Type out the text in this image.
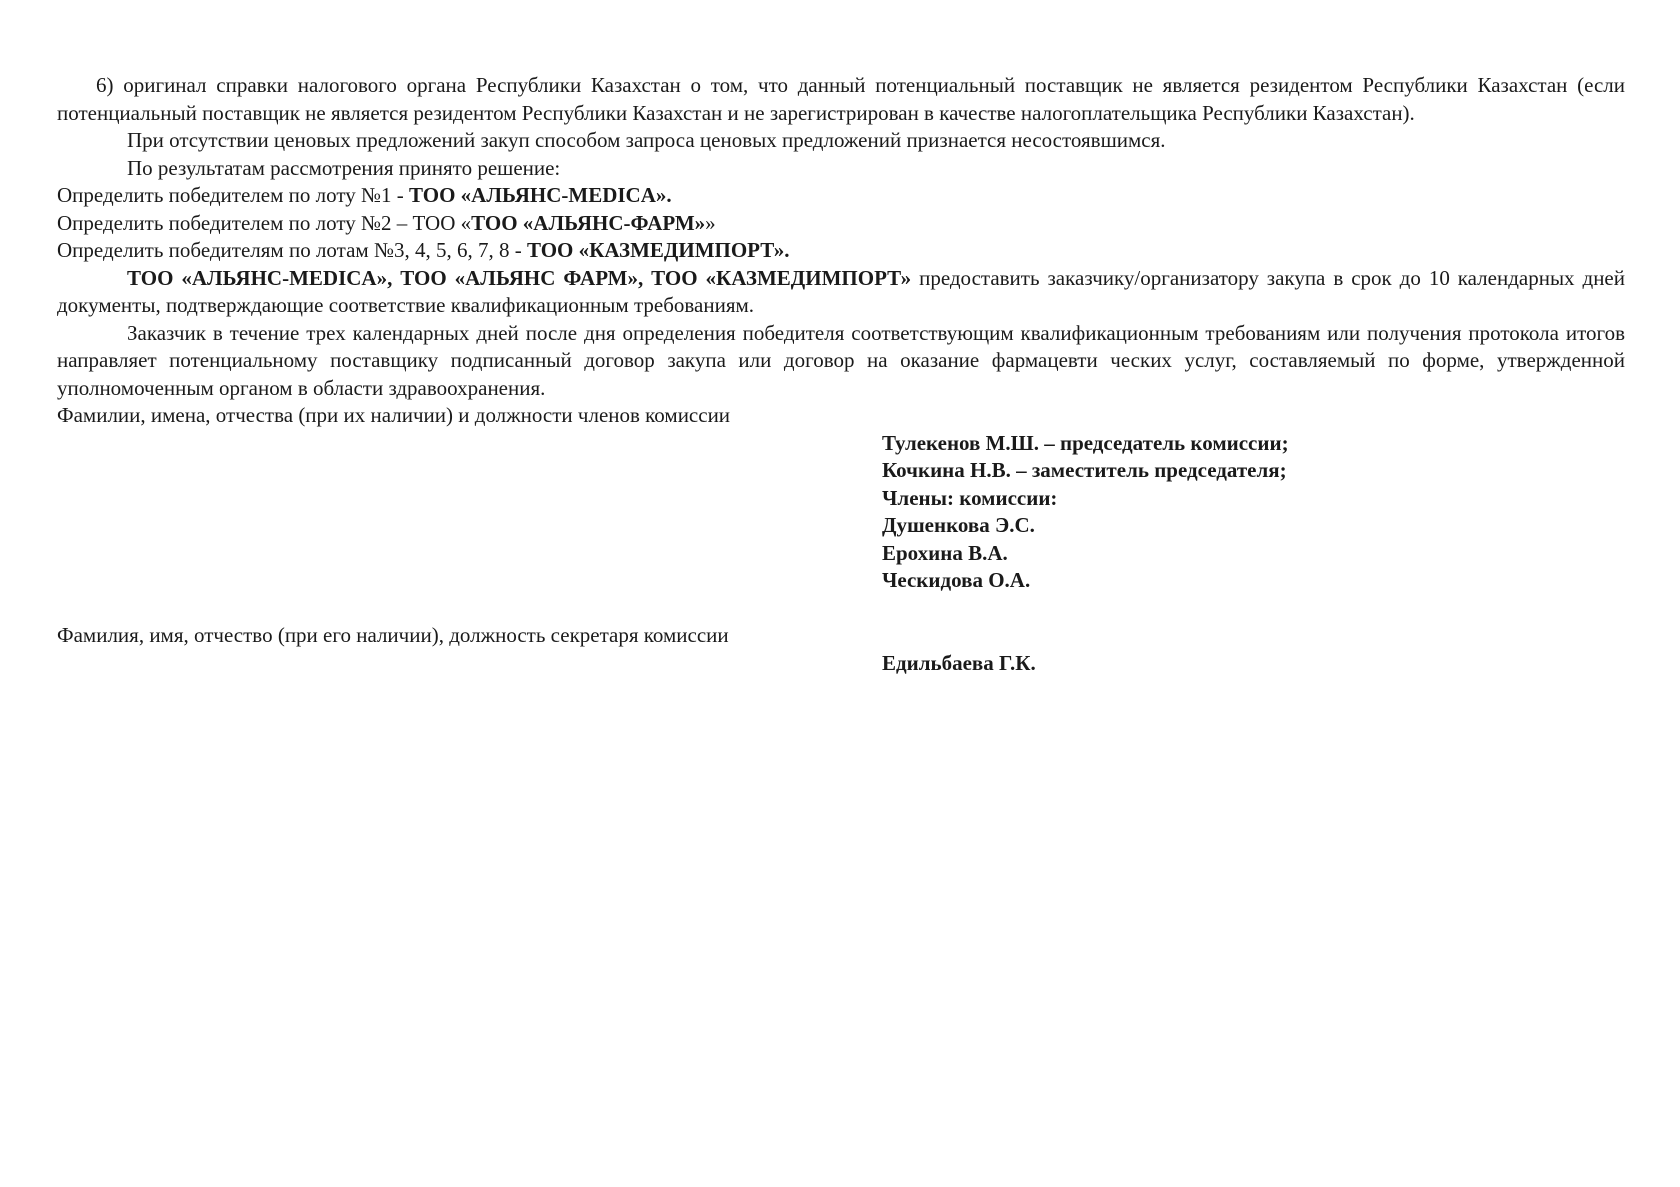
6) оригинал справки налогового органа Республики Казахстан о том, что данный потенциальный поставщик не является резидентом Республики Казахстан (если потенциальный поставщик не является резидентом Республики Казахстан и не зарегистрирован в качестве налогоплательщика Республики Казахстан).

При отсутствии ценовых предложений закуп способом запроса ценовых предложений признается несостоявшимся.

По результатам рассмотрения принято решение:

Определить победителем по лоту №1 - ТОО «АЛЬЯНС-MEDICA».

Определить победителем по лоту №2 – ТОО «ТОО «АЛЬЯНС-ФАРМ»»

Определить победителям по лотам №3, 4, 5, 6, 7, 8 - ТОО «КАЗМЕДИМПОРТ».

ТОО «АЛЬЯНС-MEDICA», ТОО «АЛЬЯНС ФАРМ», ТОО «КАЗМЕДИМПОРТ» предоставить заказчику/организатору закупа в срок до 10 календарных дней документы, подтверждающие соответствие квалификационным требованиям.

Заказчик в течение трех календарных дней после дня определения победителя соответствующим квалификационным требованиям или получения протокола итогов направляет потенциальному поставщику подписанный договор закупа или договор на оказание фармацевти ческих услуг, составляемый по форме, утвержденной уполномоченным органом в области здравоохранения.

Фамилии, имена, отчества (при их наличии) и должности членов комиссии

Тулекенов М.Ш. – председатель комиссии;
Кочкина Н.В. – заместитель председателя;
Члены: комиссии:
Душенкова Э.С.
Ерохина В.А.
Ческидова О.А.

Фамилия, имя, отчество (при его наличии), должность секретаря комиссии

Едильбаева Г.К.
